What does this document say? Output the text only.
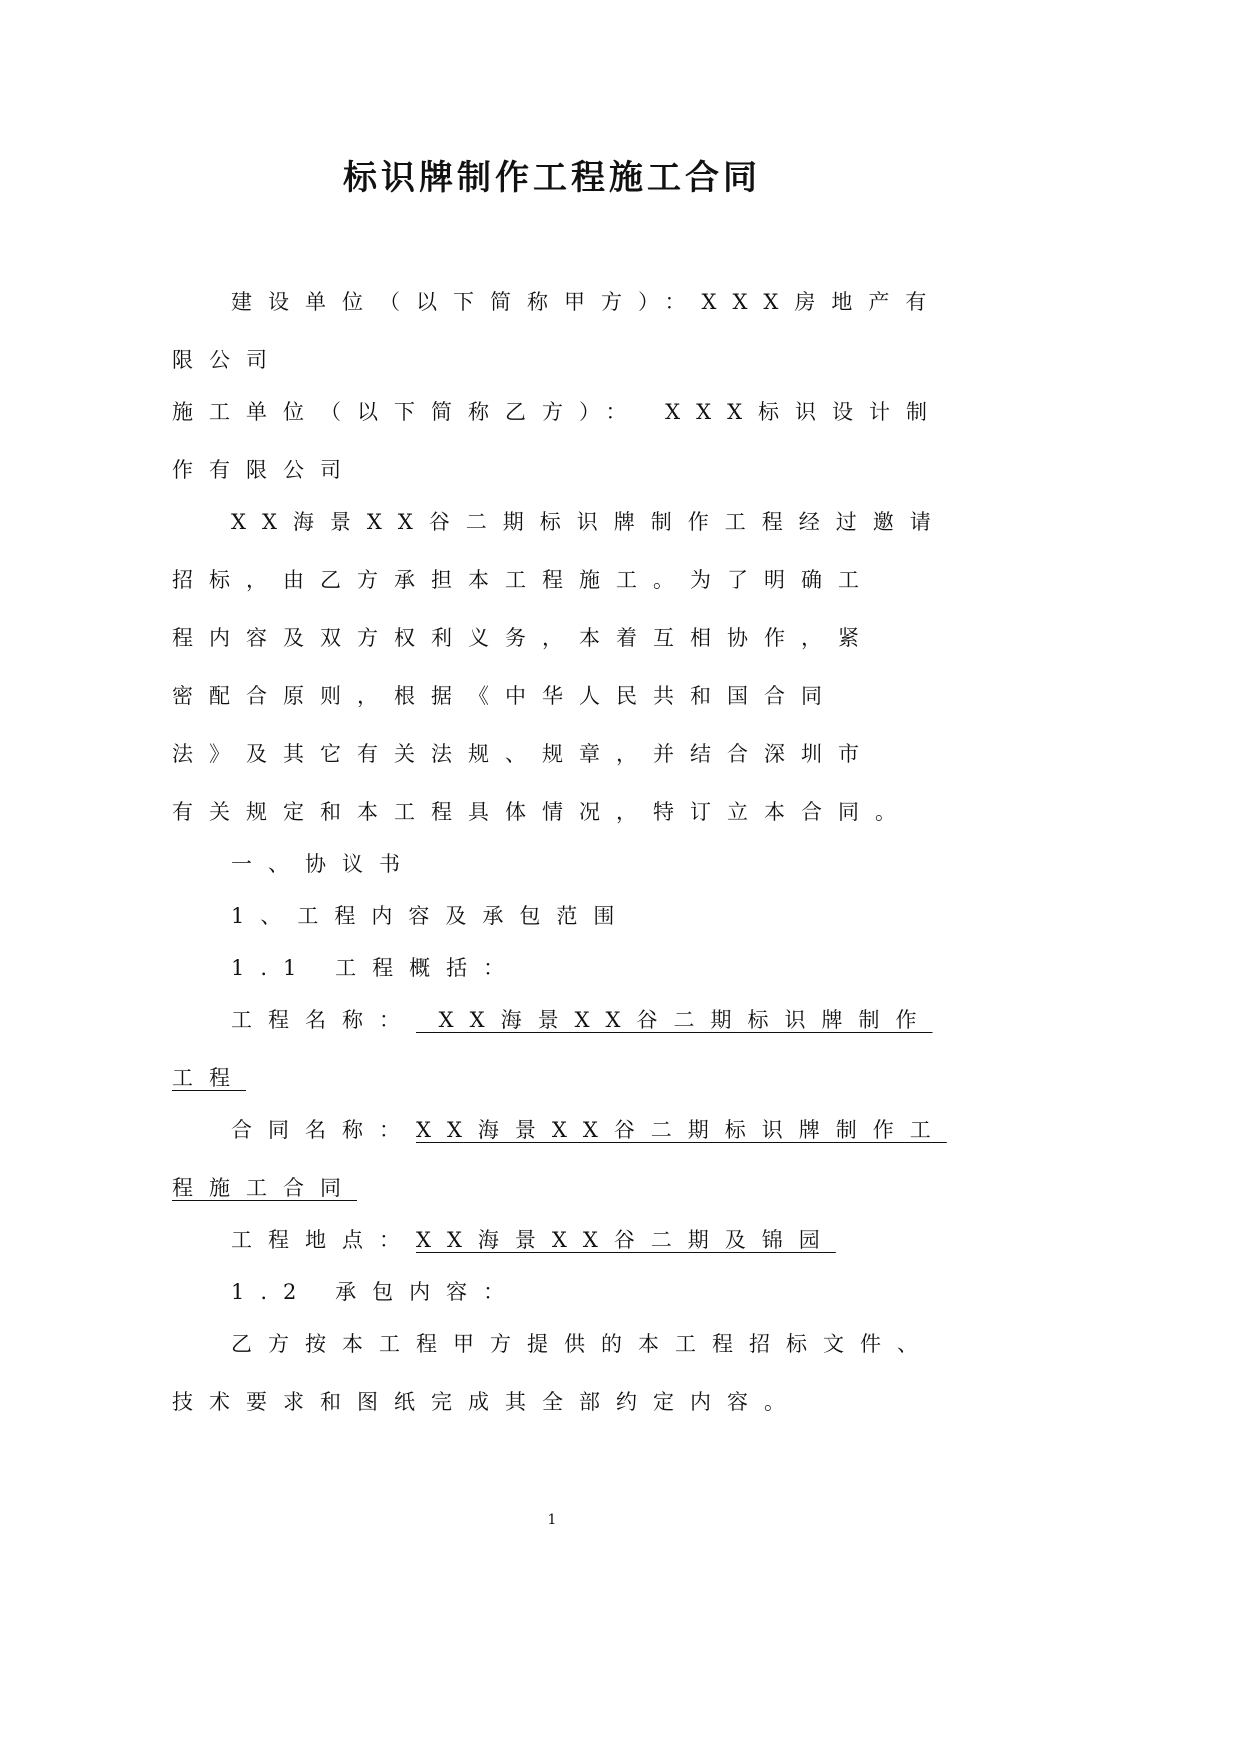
标识牌制作工程施工合同

建设单位（以下简称甲方）：XXX房地产有

限公司

施工单位（以下简称乙方）： XXX标识设计制

作有限公司

XX海景XX谷二期标识牌制作工程经过邀请

招标，由乙方承担本工程施工。为了明确工

程内容及双方权利义务，本着互相协作，紧

密配合原则，根据《中华人民共和国合同

法》及其它有关法规、规章，并结合深圳市

有关规定和本工程具体情况，特订立本合同。

一、协议书

1、工程内容及承包范围

1.1 工程概括：

工程名称： XX海景XX谷二期标识牌制作

工程

合同名称：XX海景XX谷二期标识牌制作工

程施工合同

工程地点：XX海景XX谷二期及锦园

1.2 承包内容：

乙方按本工程甲方提供的本工程招标文件、

技术要求和图纸完成其全部约定内容。

1
